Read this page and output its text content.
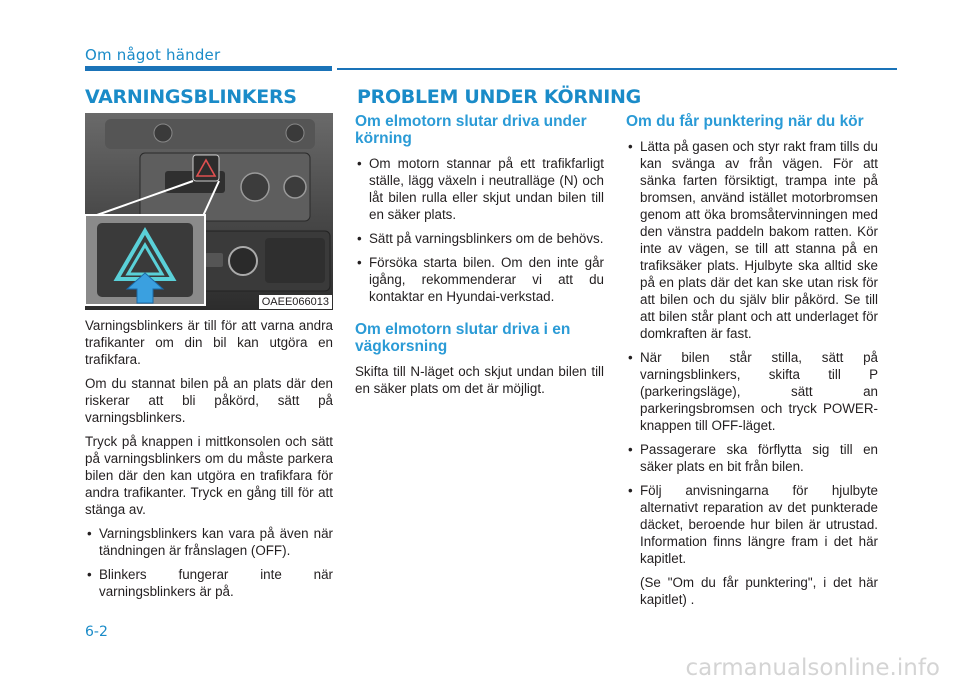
Om något händer
VARNINGSBLINKERS
OAEE066013

Varningsblinkers är till för att varna andra trafikanter om din bil kan utgöra en trafikfara.

Om du stannat bilen på an plats där den riskerar att bli påkörd, sätt på varningsblinkers.

Tryck på knappen i mittkonsolen och sätt på varningsblinkers om du måste parkera bilen där den kan utgöra en trafikfara för andra trafikanter. Tryck en gång till för att stänga av.

• Varningsblinkers kan vara på även när tändningen är frånslagen (OFF).
• Blinkers fungerar inte när varningsblinkers är på.
PROBLEM UNDER KÖRNING
Om elmotorn slutar driva under körning
• Om motorn stannar på ett trafikfarligt ställe, lägg växeln i neutralläge (N) och låt bilen rulla eller skjut undan bilen till en säker plats.
• Sätt på varningsblinkers om de behövs.
• Försöka starta bilen. Om den inte går igång, rekommenderar vi att du kontaktar en Hyundai-verkstad.
Om elmotorn slutar driva i en vägkorsning

Skifta till N-läget och skjut undan bilen till en säker plats om det är möjligt.

Om du får punktering när du kör
• Lätta på gasen och styr rakt fram tills du kan svänga av från vägen. För att sänka farten försiktigt, trampa inte på bromsen, använd istället motorbromsen genom att öka bromsåtervinningen med den vänstra paddeln bakom ratten. Kör inte av vägen, se till att stanna på en trafiksäker plats. Hjulbyte ska alltid ske på en plats där det kan ske utan risk för att bilen och du själv blir påkörd. Se till att bilen står plant och att underlaget för domkraften är fast.
• När bilen står stilla, sätt på varningsblinkers, skifta till P (parkeringsläge), sätt an parkeringsbromsen och tryck POWER-knappen till OFF-läget.
• Passagerare ska förflytta sig till en säker plats en bit från bilen.
• Följ anvisningarna för hjulbyte alternativt reparation av det punkterade däcket, beroende hur bilen är utrustad. Information finns längre fram i det här kapitlet.

(Se "Om du får punktering", i det här kapitlet) .

6-2
carmanualsonline.info
